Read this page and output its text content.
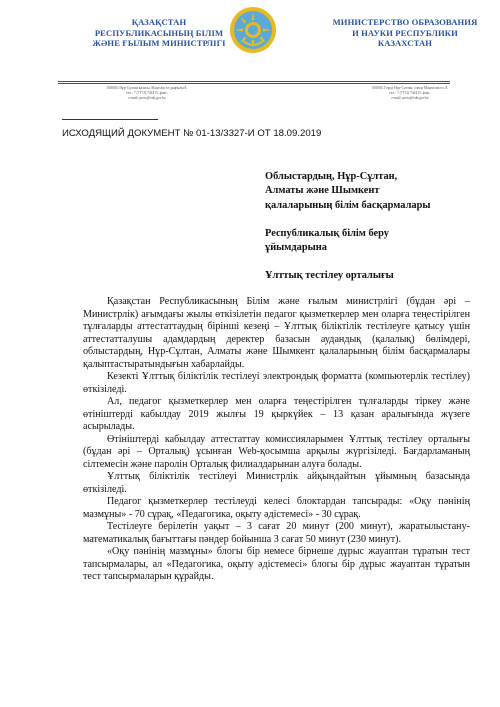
ҚАЗАҚСТАН
РЕСПУБЛИКАСЫНЫҢ БІЛІМ
ЖӘНЕ ҒЫЛЫМ МИНИСТРЛІГІ
МИНИСТЕРСТВО ОБРАЗОВАНИЯ
И НАУКИ РЕСПУБЛИКИ
КАЗАХСТАН
010000, Нұр-Сұлтан қаласы, Мәңгілік ел даңғылы 8,
тел.: 7 (7172) 742415, факс:
e-mail: press@edu.gov.kz
010000, Город Нур-Султан, улица Мангилик ел, 8,
тел.: 7 (7172) 742415, факс:
e-mail: press@edu.gov.kz
ИСХОДЯЩИЙ ДОКУМЕНТ № 01-13/3327-И ОТ 18.09.2019

Облыстардың, Нұр-Сұлтан,
Алматы және Шымкент
қалаларының білім басқармалары

Республикалық білім беру
ұйымдарына

Ұлттық тестілеу орталығы

Қазақстан Республикасының Білім және ғылым министрлігі (бұдан әрі – Министрлік) ағымдағы жылы өткізілетін педагог қызметкерлер мен оларға теңестірілген тұлғаларды аттестаттаудың бірінші кезеңі – Ұлттық біліктілік тестілеуге қатысу үшін аттестатталушы адамдардың деректер базасын аудандық (қалалық) бөлімдері, облыстардың, Нұр-Сұлтан, Алматы және Шымкент қалаларының білім басқармалары қалыптастыратындығын хабарлайды.

Кезекті Ұлттық біліктілік тестілеуі электрондық форматта (компьютерлік тестілеу) өткізіледі.

Ал, педагог қызметкерлер мен оларға теңестірілген тұлғаларды тіркеу және өтініштерді кабылдау 2019 жылғы 19 қыркүйек – 13 қазан аралығында жүзеге асырылады.

Өтініштерді кабылдау аттестаттау комиссияларымен Ұлттық тестілеу орталығы (бұдан әрі – Орталық) ұсынған Web-қосымша арқылы жүргізіледі. Бағдарламаның сілтемесін және паролін Орталық филиалдарынан алуға болады.

Ұлттық біліктілік тестілеуі Министрлік айқындайтын ұйымның базасында өткізіледі.

Педагог қызметкерлер тестілеуді келесі блоктардан тапсырады: «Оқу пәнінің мазмұны» - 70 сұрақ, «Педагогика, оқыту әдістемесі» - 30 сұрақ.

Тестілеуге берілетін уақыт – 3 сағат 20 минут (200 минут), жаратылыстану-математикалық бағыттағы пәндер бойынша 3 сағат 50 минут (230 минут).

«Оқу пәнінің мазмұны» блогы бір немесе бірнеше дұрыс жауаптан тұратын тест тапсырмалары, ал «Педагогика, оқыту әдістемесі» блогы бір дұрыс жауаптан тұратын тест тапсырмаларын құрайды.
